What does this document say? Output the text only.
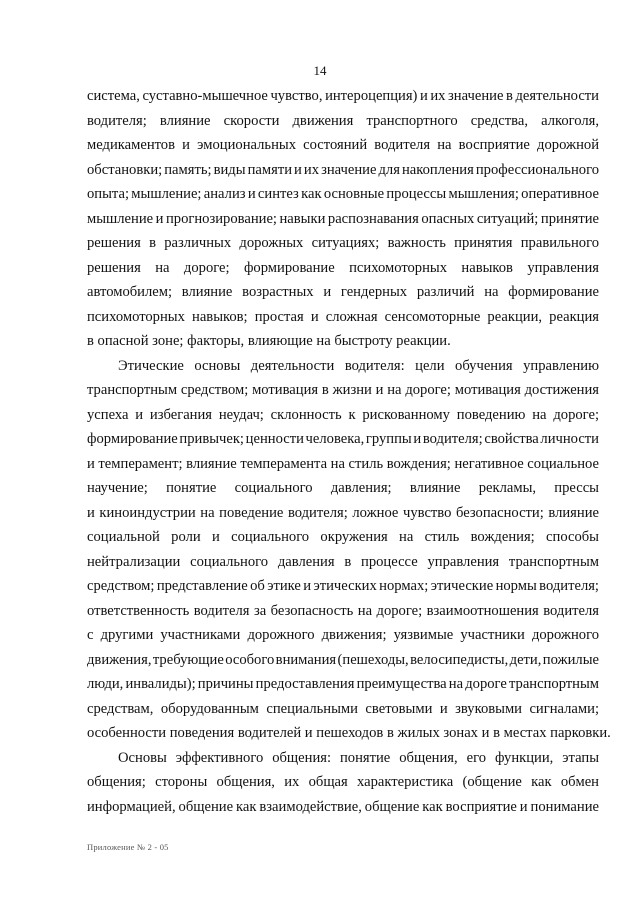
14

система, суставно-мышечное чувство, интероцепция) и их значение в деятельности
водителя; влияние скорости движения транспортного средства, алкоголя,
медикаментов и эмоциональных состояний водителя на восприятие дорожной
обстановки; память; виды памяти и их значение для накопления профессионального
опыта; мышление; анализ и синтез как основные процессы мышления; оперативное
мышление и прогнозирование; навыки распознавания опасных ситуаций; принятие
решения в различных дорожных ситуациях; важность принятия правильного
решения на дороге; формирование психомоторных навыков управления
автомобилем; влияние возрастных и гендерных различий на формирование
психомоторных навыков; простая и сложная сенсомоторные реакции, реакция
в опасной зоне; факторы, влияющие на быстроту реакции.

Этические основы деятельности водителя: цели обучения управлению
транспортным средством; мотивация в жизни и на дороге; мотивация достижения
успеха и избегания неудач; склонность к рискованному поведению на дороге;
формирование привычек; ценности человека, группы и водителя; свойства личности
и темперамент; влияние темперамента на стиль вождения; негативное социальное
научение; понятие социального давления; влияние рекламы, прессы
и киноиндустрии на поведение водителя; ложное чувство безопасности; влияние
социальной роли и социального окружения на стиль вождения; способы
нейтрализации социального давления в процессе управления транспортным
средством; представление об этике и этических нормах; этические нормы водителя;
ответственность водителя за безопасность на дороге; взаимоотношения водителя
с другими участниками дорожного движения; уязвимые участники дорожного
движения, требующие особого внимания (пешеходы, велосипедисты, дети, пожилые
люди, инвалиды); причины предоставления преимущества на дороге транспортным
средствам, оборудованным специальными световыми и звуковыми сигналами;
особенности поведения водителей и пешеходов в жилых зонах и в местах парковки.

Основы эффективного общения: понятие общения, его функции, этапы
общения; стороны общения, их общая характеристика (общение как обмен
информацией, общение как взаимодействие, общение как восприятие и понимание

Приложение № 2 - 05
